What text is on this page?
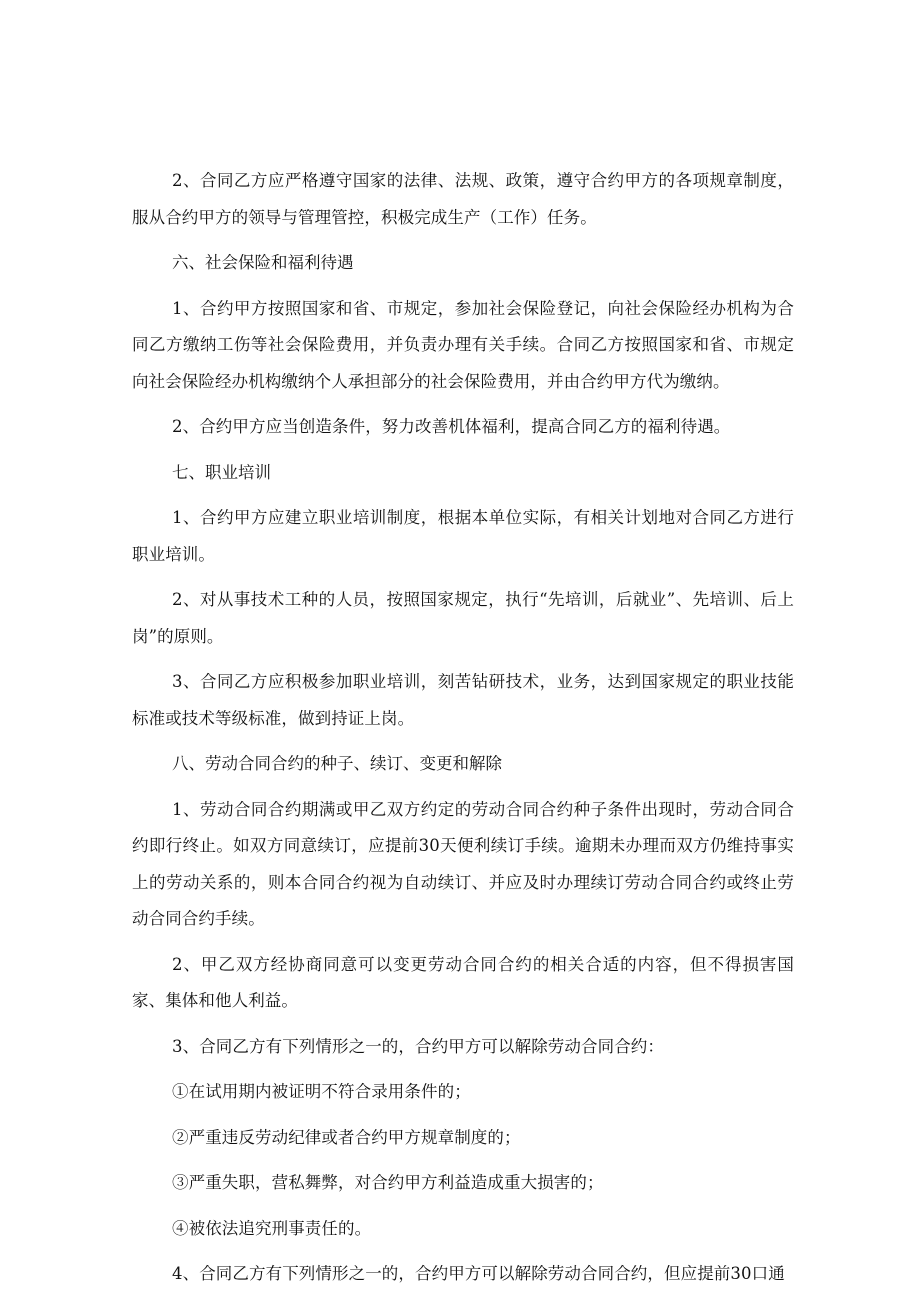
2、合同乙方应严格遵守国家的法律、法规、政策，遵守合约甲方的各项规章制度，服从合约甲方的领导与管理管控，积极完成生产（工作）任务。

六、社会保险和福利待遇

1、合约甲方按照国家和省、市规定，参加社会保险登记，向社会保险经办机构为合同乙方缴纳工伤等社会保险费用，并负责办理有关手续。合同乙方按照国家和省、市规定向社会保险经办机构缴纳个人承担部分的社会保险费用，并由合约甲方代为缴纳。

2、合约甲方应当创造条件，努力改善机体福利，提高合同乙方的福利待遇。

七、职业培训

1、合约甲方应建立职业培训制度，根据本单位实际，有相关计划地对合同乙方进行职业培训。

2、对从事技术工种的人员，按照国家规定，执行“先培训，后就业”、先培训、后上岗”的原则。

3、合同乙方应积极参加职业培训，刻苦钻研技术，业务，达到国家规定的职业技能标准或技术等级标准，做到持证上岗。

八、劳动合同合约的种子、续订、变更和解除

1、劳动合同合约期满或甲乙双方约定的劳动合同合约种子条件出现时，劳动合同合约即行终止。如双方同意续订，应提前30天便利续订手续。逾期未办理而双方仍维持事实上的劳动关系的，则本合同合约视为自动续订、并应及时办理续订劳动合同合约或终止劳动合同合约手续。

2、甲乙双方经协商同意可以变更劳动合同合约的相关合适的内容，但不得损害国家、集体和他人利益。

3、合同乙方有下列情形之一的，合约甲方可以解除劳动合同合约：

①在试用期内被证明不符合录用条件的；

②严重违反劳动纪律或者合约甲方规章制度的；

③严重失职，营私舞弊，对合约甲方利益造成重大损害的；

④被依法追究刑事责任的。

4、合同乙方有下列情形之一的，合约甲方可以解除劳动合同合约，但应提前30口通
